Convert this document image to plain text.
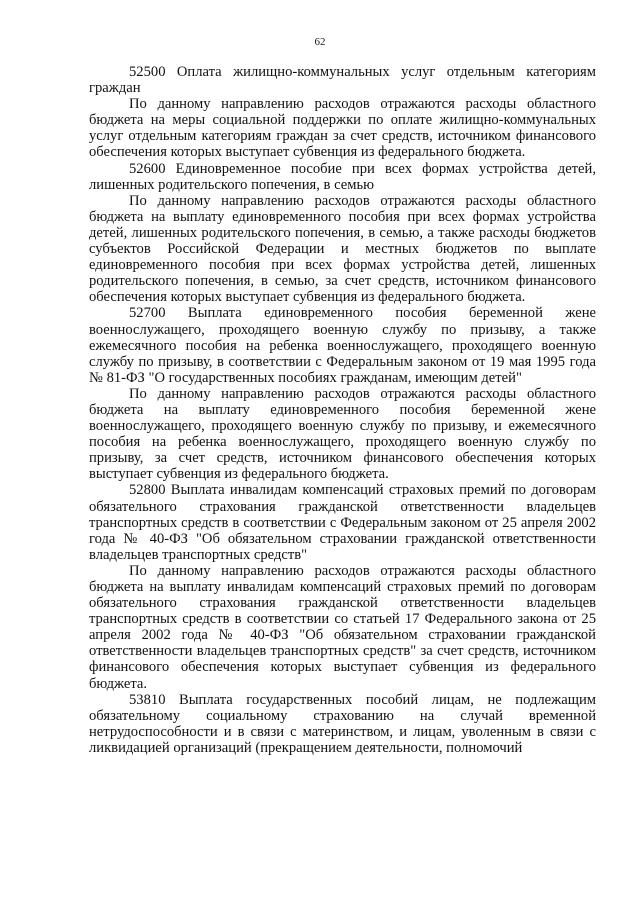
62

52500 Оплата жилищно-коммунальных услуг отдельным категориям граждан

По данному направлению расходов отражаются расходы областного бюджета на меры социальной поддержки по оплате жилищно-коммунальных услуг отдельным категориям граждан за счет средств, источником финансового обеспечения которых выступает субвенция из федерального бюджета.

52600 Единовременное пособие при всех формах устройства детей, лишенных родительского попечения, в семью

По данному направлению расходов отражаются расходы областного бюджета на выплату единовременного пособия при всех формах устройства детей, лишенных родительского попечения, в семью, а также расходы бюджетов субъектов Российской Федерации и местных бюджетов по выплате единовременного пособия при всех формах устройства детей, лишенных родительского попечения, в семью, за счет средств, источником финансового обеспечения которых выступает субвенция из федерального бюджета.

52700 Выплата единовременного пособия беременной жене военнослужащего, проходящего военную службу по призыву, а также ежемесячного пособия на ребенка военнослужащего, проходящего военную службу по призыву, в соответствии с Федеральным законом от 19 мая 1995 года № 81-ФЗ "О государственных пособиях гражданам, имеющим детей"

По данному направлению расходов отражаются расходы областного бюджета на выплату единовременного пособия беременной жене военнослужащего, проходящего военную службу по призыву, и ежемесячного пособия на ребенка военнослужащего, проходящего военную службу по призыву, за счет средств, источником финансового обеспечения которых выступает субвенция из федерального бюджета.

52800 Выплата инвалидам компенсаций страховых премий по договорам обязательного страхования гражданской ответственности владельцев транспортных средств в соответствии с Федеральным законом от 25 апреля 2002 года № 40-ФЗ "Об обязательном страховании гражданской ответственности владельцев транспортных средств"

По данному направлению расходов отражаются расходы областного бюджета на выплату инвалидам компенсаций страховых премий по договорам обязательного страхования гражданской ответственности владельцев транспортных средств в соответствии со статьей 17 Федерального закона от 25 апреля 2002 года № 40-ФЗ "Об обязательном страховании гражданской ответственности владельцев транспортных средств" за счет средств, источником финансового обеспечения которых выступает субвенция из федерального бюджета.

53810 Выплата государственных пособий лицам, не подлежащим обязательному социальному страхованию на случай временной нетрудоспособности и в связи с материнством, и лицам, уволенным в связи с ликвидацией организаций (прекращением деятельности, полномочий
